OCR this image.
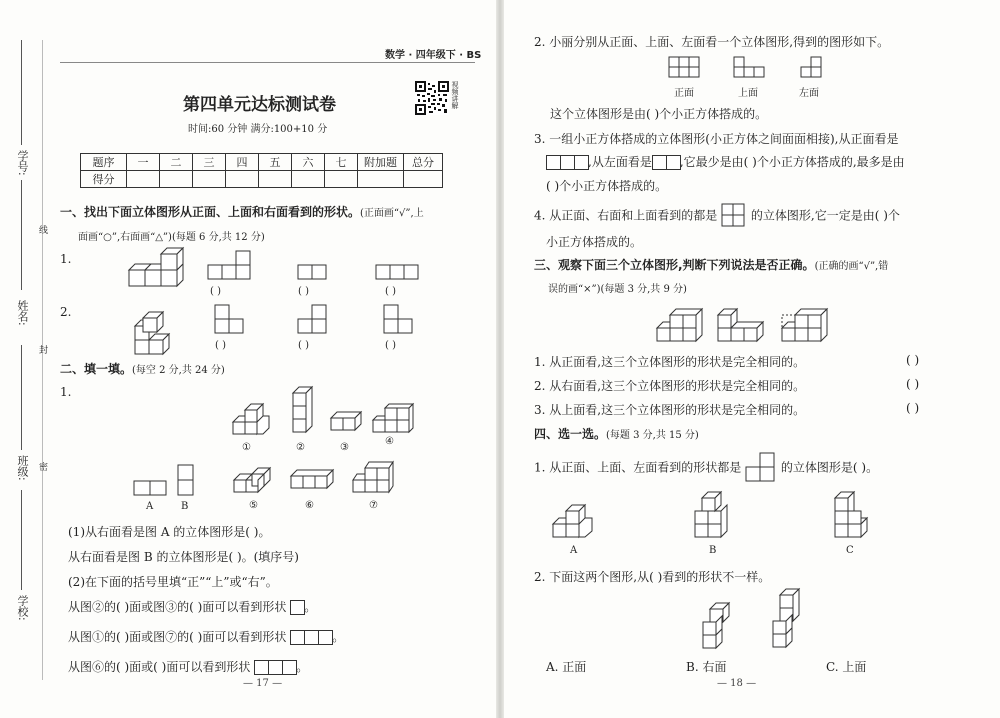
学号:
线
姓名:
封
班级: 密
学校:
数学 · 四年级下 · BS
第四单元达标测试卷
时间:60 分钟 满分:100+10 分
视频讲解
题序	一	二	三	四	五	六	七	附加题	总分
得分									
一、找出下面立体图形从正面、上面和右面看到的形状。(正面画“√”,上
面画“○”,右面画“△”)(每题 6 分,共 12 分)
1.
( )	( )	( )
2.
( )	( )	( )
二、填一填。(每空 2 分,共 24 分)
1.
①	②	③
④
A	B	⑤	⑥	⑦
(1)从右面看是图 A 的立体图形是( )。
从右面看是图 B 的立体图形是( )。(填序号)
(2)在下面的括号里填“正”“上”或“右”。
从图②的( )面或图③的( )面可以看到形状 。
从图①的( )面或图⑦的( )面可以看到形状	。
从图⑥的( )面或( )面可以看到形状	。
— 17 —
2. 小丽分别从正面、上面、左面看一个立体图形,得到的图形如下。
正面	上面	左面
这个立体图形是由( )个小正方体搭成的。
3. 一组小正方体搭成的立体图形(小正方体之间面面相接),从正面看是
,从左面看是 ,它最少是由( )个小正方体搭成的,最多是由
( )个小正方体搭成的。
4. 从正面、右面和上面看到的都是	的立体图形,它一定是由( )个
小正方体搭成的。
三、观察下面三个立体图形,判断下列说法是否正确。(正确的画“√”,错
误的画“×”)(每题 3 分,共 9 分)
1. 从正面看,这三个立体图形的形状是完全相同的。	( )
2. 从右面看,这三个立体图形的形状是完全相同的。	( )
3. 从上面看,这三个立体图形的形状是完全相同的。	( )
四、选一选。(每题 3 分,共 15 分)
1. 从正面、上面、左面看到的形状都是	的立体图形是( )。
A	B	C
2. 下面这两个图形,从( )看到的形状不一样。
A. 正面	B. 右面	C. 上面
— 18 —
